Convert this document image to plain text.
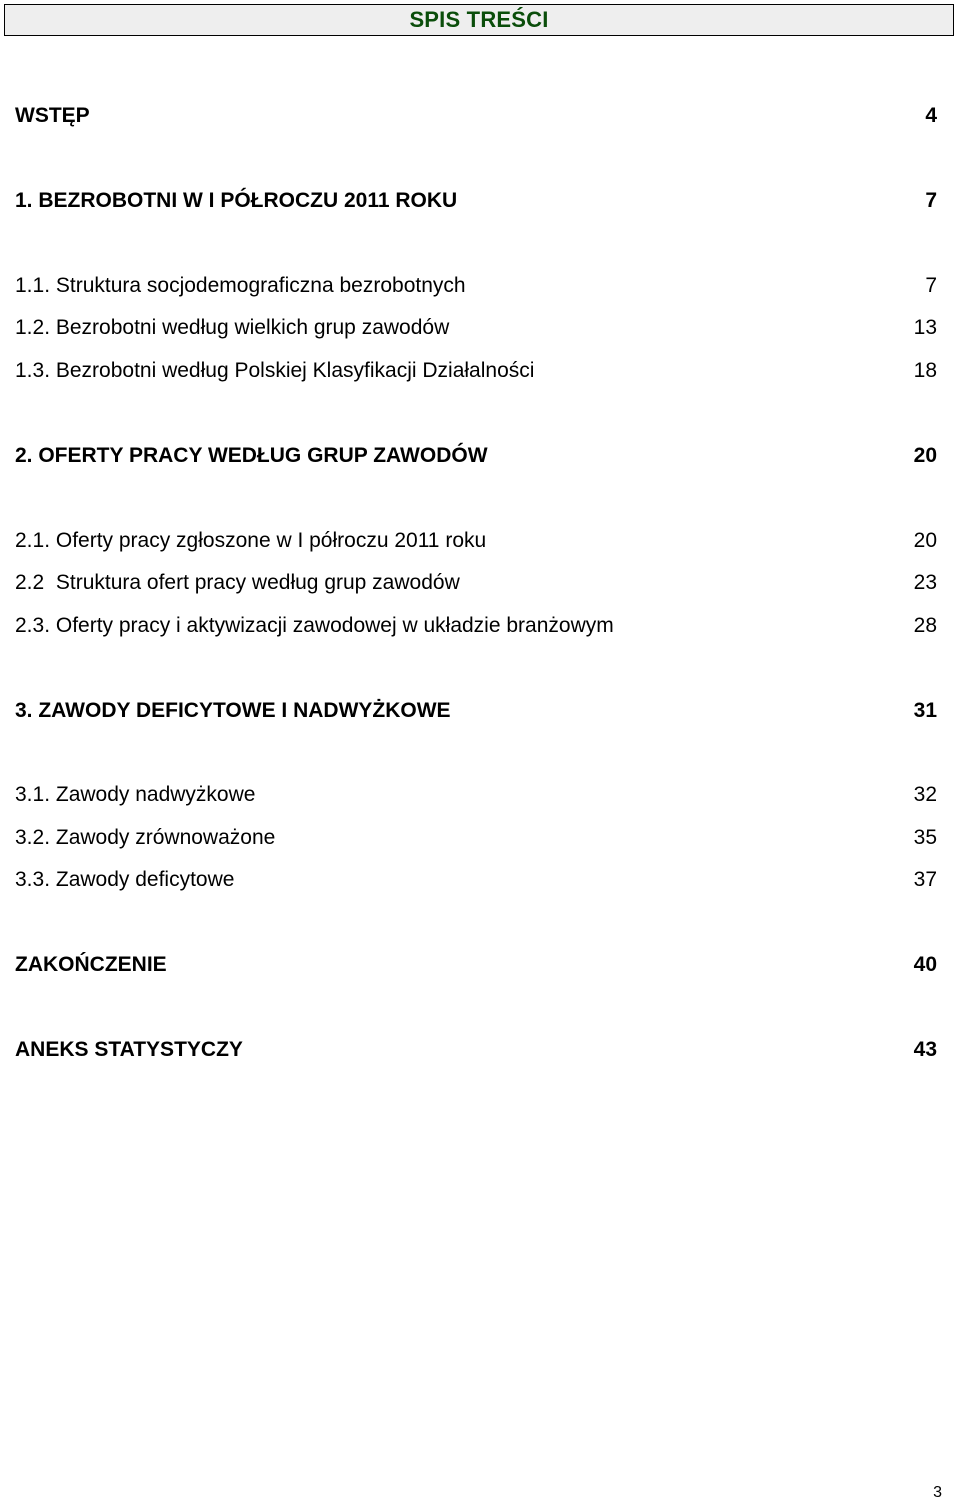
SPIS TREŚCI
WSTĘP	4
1. BEZROBOTNI W I PÓŁROCZU 2011 ROKU	7
1.1. Struktura socjodemograficzna bezrobotnych	7
1.2. Bezrobotni według wielkich grup zawodów	13
1.3. Bezrobotni według Polskiej Klasyfikacji Działalności	18
2. OFERTY PRACY WEDŁUG GRUP ZAWODÓW	20
2.1. Oferty pracy zgłoszone w I półroczu 2011 roku	20
2.2  Struktura ofert pracy według grup zawodów	23
2.3. Oferty pracy i aktywizacji zawodowej w układzie branżowym	28
3. ZAWODY DEFICYTOWE I NADWYŻKOWE	31
3.1. Zawody nadwyżkowe	32
3.2. Zawody zrównoważone	35
3.3. Zawody deficytowe	37
ZAKOŃCZENIE	40
ANEKS STATYSTYCZY	43
3
